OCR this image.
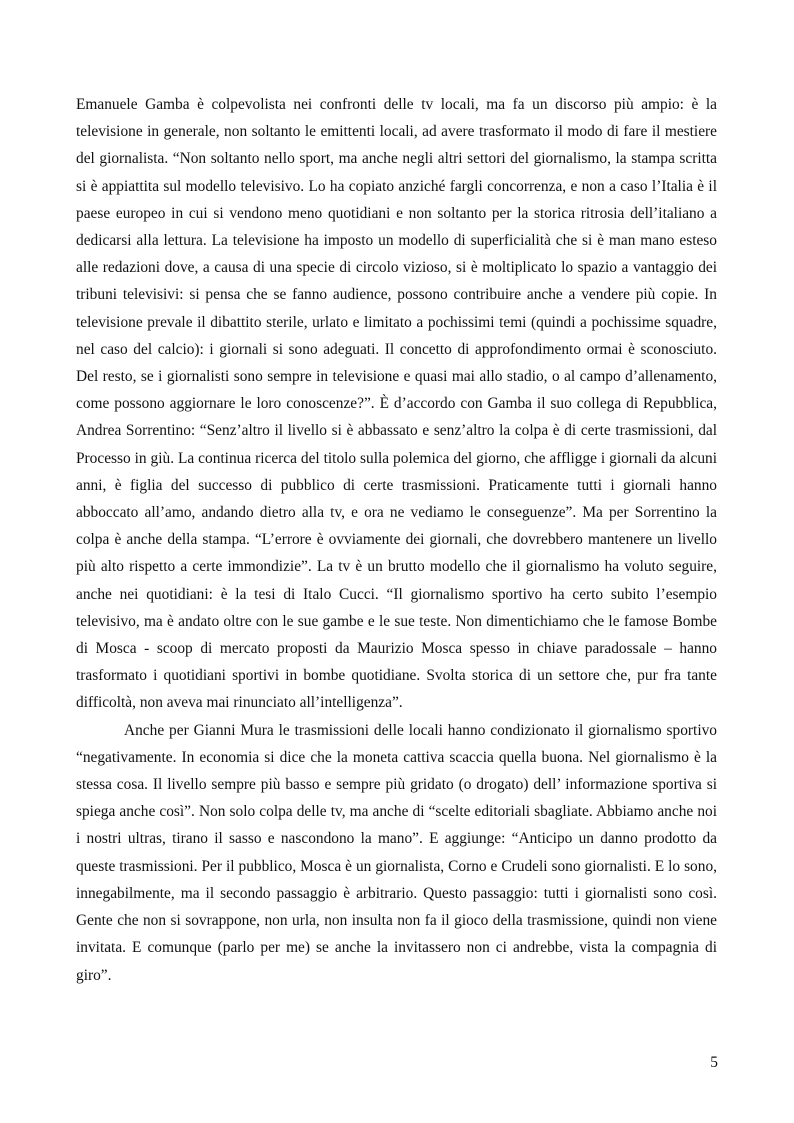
Emanuele Gamba è colpevolista nei confronti delle tv locali, ma fa un discorso più ampio: è la televisione in generale, non soltanto le emittenti locali, ad avere trasformato il modo di fare il mestiere del giornalista. “Non soltanto nello sport, ma anche negli altri settori del giornalismo, la stampa scritta si è appiattita sul modello televisivo. Lo ha copiato anziché fargli concorrenza, e non a caso l’Italia è il paese europeo in cui si vendono meno quotidiani e non soltanto per la storica ritrosia dell’italiano a dedicarsi alla lettura. La televisione ha imposto un modello di superficialità che si è man mano esteso alle redazioni dove, a causa di una specie di circolo vizioso, si è moltiplicato lo spazio a vantaggio dei tribuni televisivi: si pensa che se fanno audience, possono contribuire anche a vendere più copie. In televisione prevale il dibattito sterile, urlato e limitato a pochissimi temi (quindi a pochissime squadre, nel caso del calcio): i giornali si sono adeguati. Il concetto di approfondimento ormai è sconosciuto. Del resto, se i giornalisti sono sempre in televisione e quasi mai allo stadio, o al campo d’allenamento, come possono aggiornare le loro conoscenze?”. È d’accordo con Gamba il suo collega di Repubblica, Andrea Sorrentino: “Senz’altro il livello si è abbassato e senz’altro la colpa è di certe trasmissioni, dal Processo in giù. La continua ricerca del titolo sulla polemica del giorno, che affligge i giornali da alcuni anni, è figlia del successo di pubblico di certe trasmissioni. Praticamente tutti i giornali hanno abboccato all’amo, andando dietro alla tv, e ora ne vediamo le conseguenze”. Ma per Sorrentino la colpa è anche della stampa. “L’errore è ovviamente dei giornali, che dovrebbero mantenere un livello più alto rispetto a certe immondizie”. La tv è un brutto modello che il giornalismo ha voluto seguire, anche nei quotidiani: è la tesi di Italo Cucci. “Il giornalismo sportivo ha certo subito l’esempio televisivo, ma è andato oltre con le sue gambe e le sue teste. Non dimentichiamo che le famose Bombe di Mosca - scoop di mercato proposti da Maurizio Mosca spesso in chiave paradossale – hanno trasformato i quotidiani sportivi in bombe quotidiane. Svolta storica di un settore che, pur fra tante difficoltà, non aveva mai rinunciato all’intelligenza”.

Anche per Gianni Mura le trasmissioni delle locali hanno condizionato il giornalismo sportivo “negativamente. In economia si dice che la moneta cattiva scaccia quella buona. Nel giornalismo è la stessa cosa. Il livello sempre più basso e sempre più gridato (o drogato) dell’ informazione sportiva si spiega anche così”. Non solo colpa delle tv, ma anche di “scelte editoriali sbagliate. Abbiamo anche noi i nostri ultras, tirano il sasso e nascondono la mano”. E aggiunge: “Anticipo un danno prodotto da queste trasmissioni. Per il pubblico, Mosca è un giornalista, Corno e Crudeli sono giornalisti. E lo sono, innegabilmente, ma il secondo passaggio è arbitrario. Questo passaggio: tutti i giornalisti sono così. Gente che non si sovrappone, non urla, non insulta non fa il gioco della trasmissione, quindi non viene invitata. E comunque (parlo per me) se anche la invitassero non ci andrebbe, vista la compagnia di giro”.

5
